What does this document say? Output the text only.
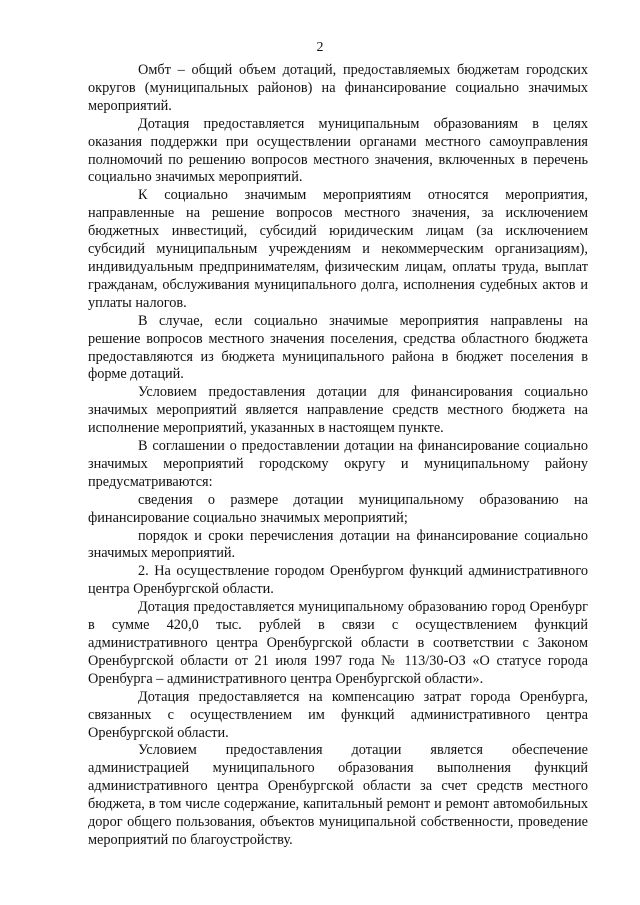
2

Омбт – общий объем дотаций, предоставляемых бюджетам городских округов (муниципальных районов) на финансирование социально значимых мероприятий.

Дотация предоставляется муниципальным образованиям в целях оказания поддержки при осуществлении органами местного самоуправления полномочий по решению вопросов местного значения, включенных в перечень социально значимых мероприятий.

К социально значимым мероприятиям относятся мероприятия, направленные на решение вопросов местного значения, за исключением бюджетных инвестиций, субсидий юридическим лицам (за исключением субсидий муниципальным учреждениям и некоммерческим организациям), индивидуальным предпринимателям, физическим лицам, оплаты труда, выплат гражданам, обслуживания муниципального долга, исполнения судебных актов и уплаты налогов.

В случае, если социально значимые мероприятия направлены на решение вопросов местного значения поселения, средства областного бюджета предоставляются из бюджета муниципального района в бюджет поселения в форме дотаций.

Условием предоставления дотации для финансирования социально значимых мероприятий является направление средств местного бюджета на исполнение мероприятий, указанных в настоящем пункте.

В соглашении о предоставлении дотации на финансирование социально значимых мероприятий городскому округу и муниципальному району предусматриваются:

сведения о размере дотации муниципальному образованию на финансирование социально значимых мероприятий;

порядок и сроки перечисления дотации на финансирование социально значимых мероприятий.

2. На осуществление городом Оренбургом функций административного центра Оренбургской области.

Дотация предоставляется муниципальному образованию город Оренбург в сумме 420,0 тыс. рублей в связи с осуществлением функций административного центра Оренбургской области в соответствии с Законом Оренбургской области от 21 июля 1997 года № 113/30-ОЗ «О статусе города Оренбурга – административного центра Оренбургской области».

Дотация предоставляется на компенсацию затрат города Оренбурга, связанных с осуществлением им функций административного центра Оренбургской области.

Условием предоставления дотации является обеспечение администрацией муниципального образования выполнения функций административного центра Оренбургской области за счет средств местного бюджета, в том числе содержание, капитальный ремонт и ремонт автомобильных дорог общего пользования, объектов муниципальной собственности, проведение мероприятий по благоустройству.
